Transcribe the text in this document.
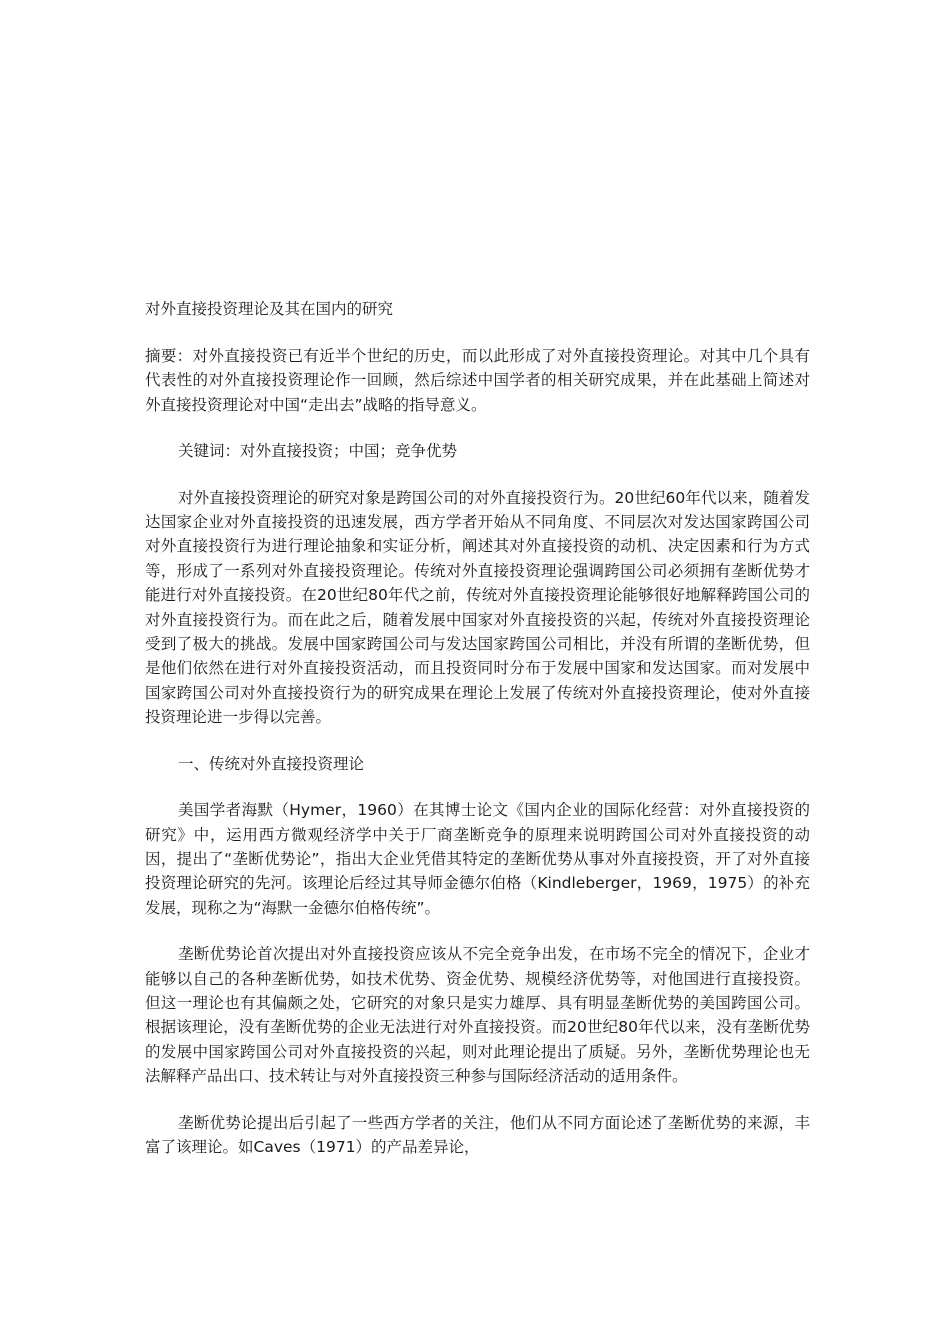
对外直接投资理论及其在国内的研究

摘要：对外直接投资已有近半个世纪的历史，而以此形成了对外直接投资理论。对其中几个具有代表性的对外直接投资理论作一回顾，然后综述中国学者的相关研究成果，并在此基础上简述对外直接投资理论对中国“走出去”战略的指导意义。

关键词：对外直接投资；中国；竞争优势

对外直接投资理论的研究对象是跨国公司的对外直接投资行为。20世纪60年代以来，随着发达国家企业对外直接投资的迅速发展，西方学者开始从不同角度、不同层次对发达国家跨国公司对外直接投资行为进行理论抽象和实证分析，阐述其对外直接投资的动机、决定因素和行为方式等，形成了一系列对外直接投资理论。传统对外直接投资理论强调跨国公司必须拥有垄断优势才能进行对外直接投资。在20世纪80年代之前，传统对外直接投资理论能够很好地解释跨国公司的对外直接投资行为。而在此之后，随着发展中国家对外直接投资的兴起，传统对外直接投资理论受到了极大的挑战。发展中国家跨国公司与发达国家跨国公司相比，并没有所谓的垄断优势，但是他们依然在进行对外直接投资活动，而且投资同时分布于发展中国家和发达国家。而对发展中国家跨国公司对外直接投资行为的研究成果在理论上发展了传统对外直接投资理论，使对外直接投资理论进一步得以完善。

一、传统对外直接投资理论

美国学者海默（Hymer，1960）在其博士论文《国内企业的国际化经营：对外直接投资的研究》中，运用西方微观经济学中关于厂商垄断竞争的原理来说明跨国公司对外直接投资的动因，提出了“垄断优势论”，指出大企业凭借其特定的垄断优势从事对外直接投资，开了对外直接投资理论研究的先河。该理论后经过其导师金德尔伯格（Kindleberger，1969，1975）的补充发展，现称之为“海默一金德尔伯格传统”。

垄断优势论首次提出对外直接投资应该从不完全竞争出发，在市场不完全的情况下，企业才能够以自己的各种垄断优势，如技术优势、资金优势、规模经济优势等，对他国进行直接投资。但这一理论也有其偏颇之处，它研究的对象只是实力雄厚、具有明显垄断优势的美国跨国公司。根据该理论，没有垄断优势的企业无法进行对外直接投资。而20世纪80年代以来，没有垄断优势的发展中国家跨国公司对外直接投资的兴起，则对此理论提出了质疑。另外，垄断优势理论也无法解释产品出口、技术转让与对外直接投资三种参与国际经济活动的适用条件。

垄断优势论提出后引起了一些西方学者的关注，他们从不同方面论述了垄断优势的来源，丰富了该理论。如Caves（1971）的产品差异论，
